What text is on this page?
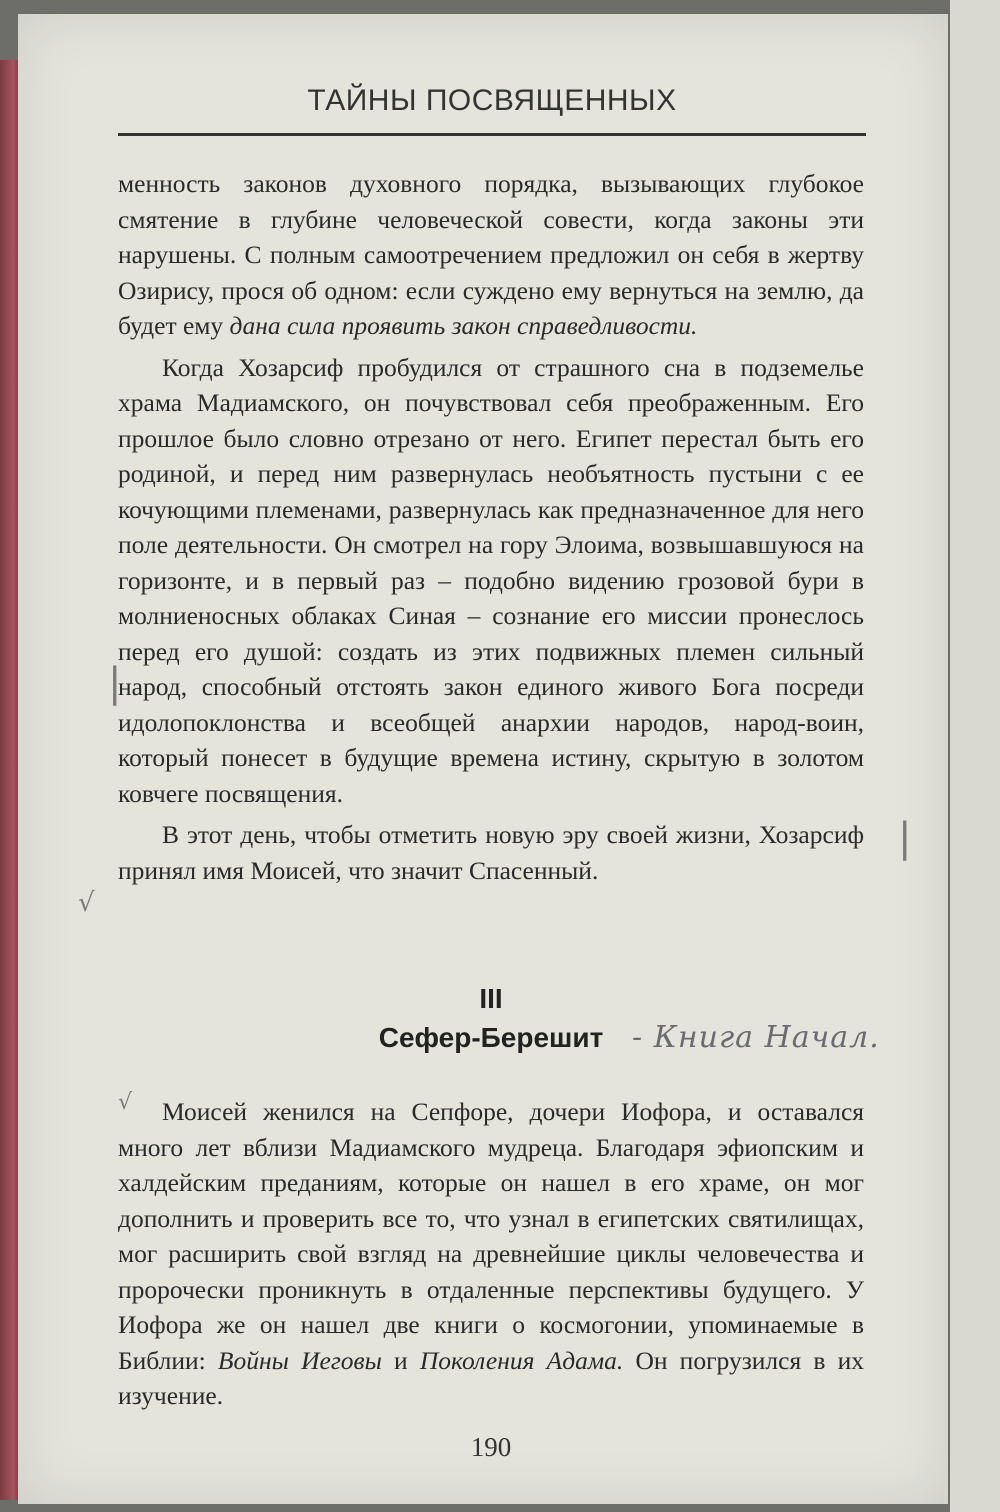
ТАЙНЫ ПОСВЯЩЕННЫХ

менность законов духовного порядка, вызывающих глубокое смятение в глубине человеческой совести, когда законы эти нарушены. С полным самоотречением предложил он себя в жертву Озирису, прося об одном: если суждено ему вернуться на землю, да будет ему дана сила проявить закон справедливости.

Когда Хозарсиф пробудился от страшного сна в подземелье храма Мадиамского, он почувствовал себя преображенным. Его прошлое было словно отрезано от него. Египет перестал быть его родиной, и перед ним развернулась необъятность пустыни с ее кочующими племенами, развернулась как предназначенное для него поле деятельности. Он смотрел на гору Элоима, возвышавшуюся на горизонте, и в первый раз – подобно видению грозовой бури в молниеносных облаках Синая – сознание его миссии пронеслось перед его душой: создать из этих подвижных племен сильный народ, способный отстоять закон единого живого Бога посреди идолопоклонства и всеобщей анархии народов, народ-воин, который понесет в будущие времена истину, скрытую в золотом ковчеге посвящения.

В этот день, чтобы отметить новую эру своей жизни, Хозарсиф принял имя Моисей, что значит Спасенный.

III
Сефер-Берешит - Книга Начал.

Моисей женился на Сепфоре, дочери Иофора, и оставался много лет вблизи Мадиамского мудреца. Благодаря эфиопским и халдейским преданиям, которые он нашел в его храме, он мог дополнить и проверить все то, что узнал в египетских святилищах, мог расширить свой взгляд на древнейшие циклы человечества и пророчески проникнуть в отдаленные перспективы будущего. У Иофора же он нашел две книги о космогонии, упоминаемые в Библии: Войны Иеговы и Поколения Адама. Он погрузился в их изучение.

190
√
√
|
|
